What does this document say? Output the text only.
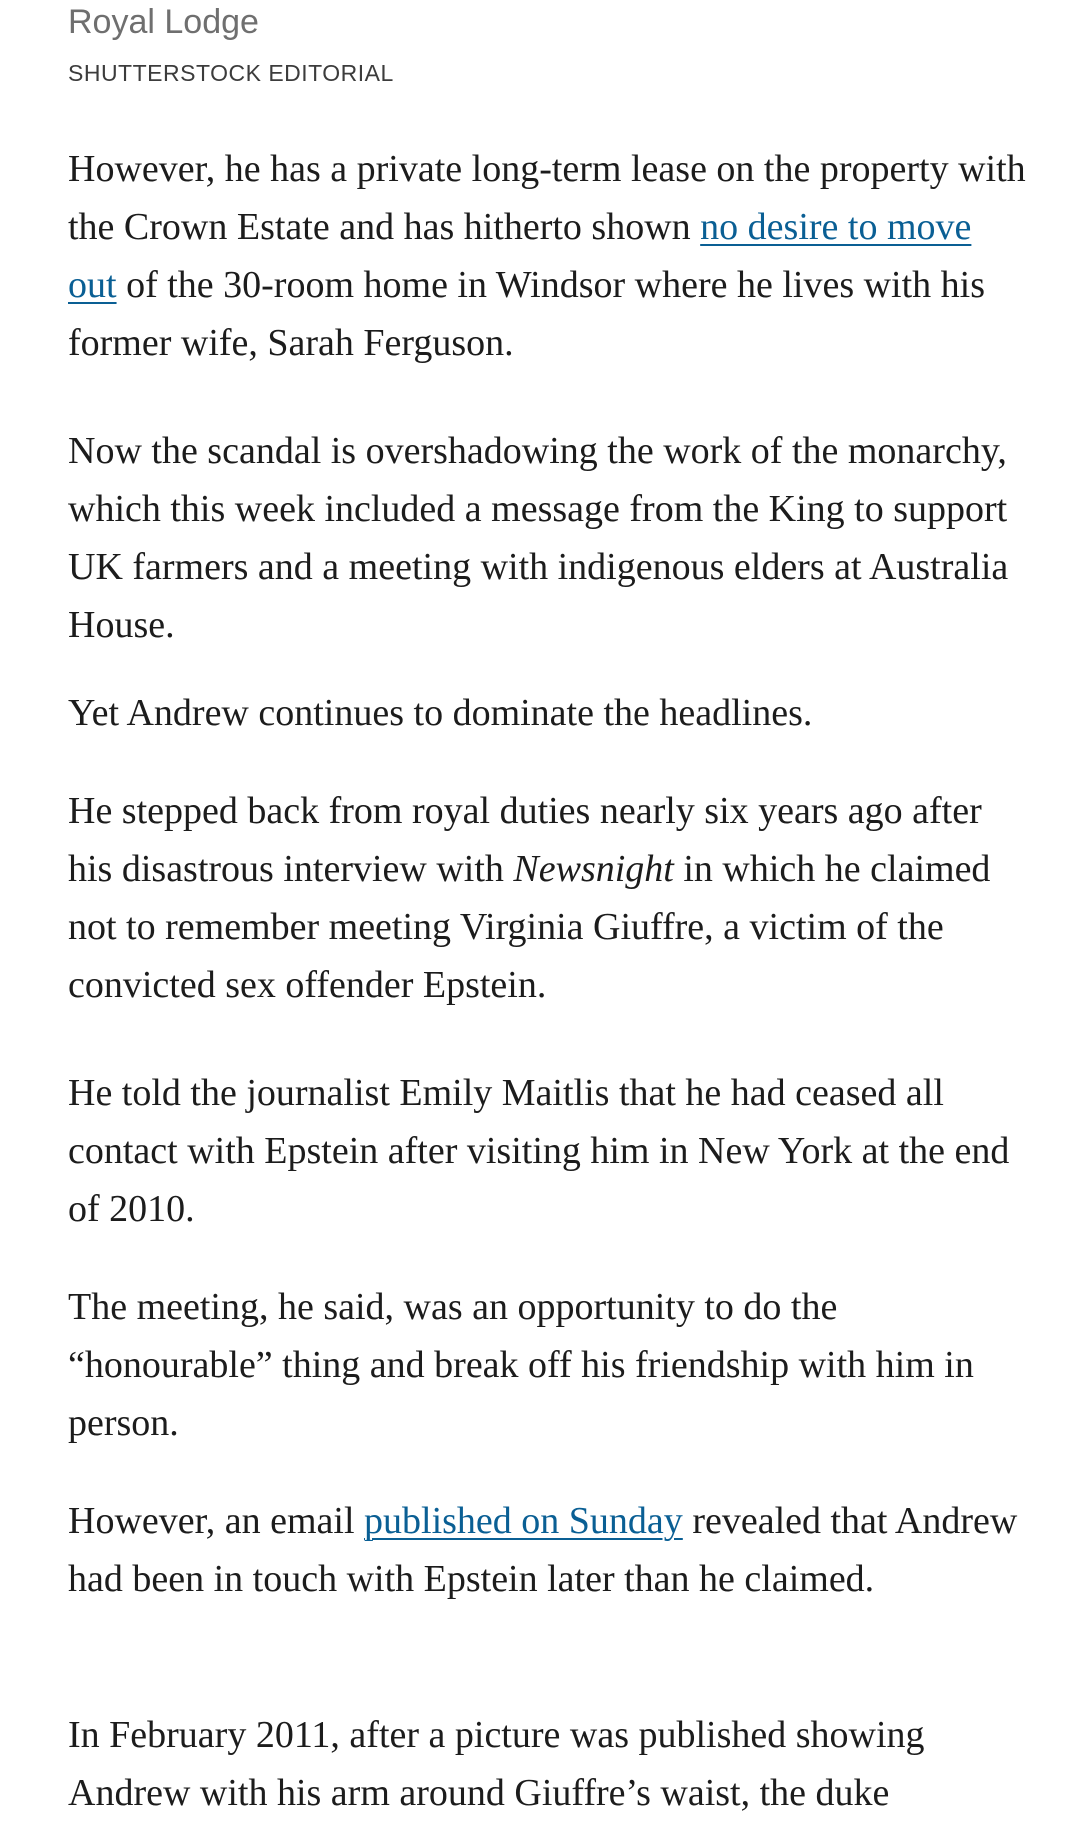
Royal Lodge
SHUTTERSTOCK EDITORIAL

However, he has a private long-term lease on the property with the Crown Estate and has hitherto shown no desire to move out of the 30-room home in Windsor where he lives with his former wife, Sarah Ferguson.

Now the scandal is overshadowing the work of the monarchy, which this week included a message from the King to support UK farmers and a meeting with indigenous elders at Australia House.

Yet Andrew continues to dominate the headlines.

He stepped back from royal duties nearly six years ago after his disastrous interview with Newsnight in which he claimed not to remember meeting Virginia Giuffre, a victim of the convicted sex offender Epstein.

He told the journalist Emily Maitlis that he had ceased all contact with Epstein after visiting him in New York at the end of 2010.

The meeting, he said, was an opportunity to do the “honourable” thing and break off his friendship with him in person.

However, an email published on Sunday revealed that Andrew had been in touch with Epstein later than he claimed.

In February 2011, after a picture was published showing Andrew with his arm around Giuffre’s waist, the duke
